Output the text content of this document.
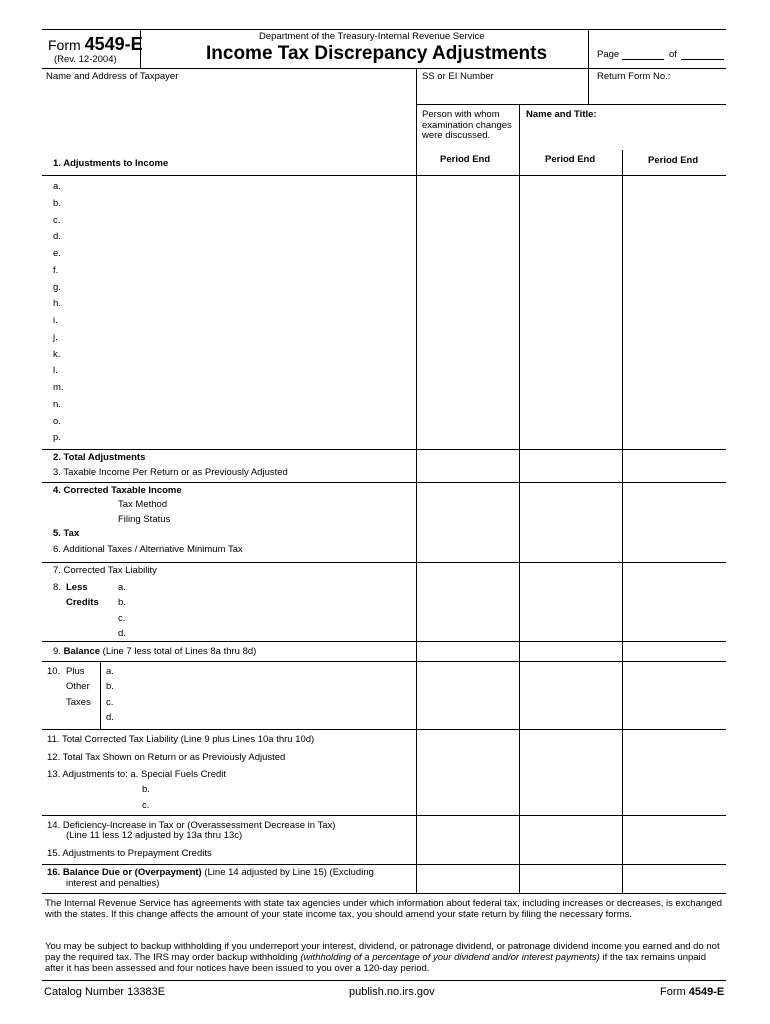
Form 4549-E
(Rev. 12-2004)
Department of the Treasury-Internal Revenue Service
Income Tax Discrepancy Adjustments	Page	of
Name and Address of Taxpayer	SS or EI Number	Return Form No.:
Person with whom examination changes were discussed.
Name and Title:
Period End	Period End	Period End
1. Adjustments to Income
a.
b.
c.
d.
e.
f.
g.
h.
i.
j.
k.
l.
m.
n.
o.
p.
2. Total Adjustments
3. Taxable Income Per Return or as Previously Adjusted
4. Corrected Taxable Income
Tax Method
Filing Status
5. Tax
6. Additional Taxes / Alternative Minimum Tax
7. Corrected Tax Liability
8. Less
Credits
a.
b.
c.
d.
9. Balance (Line 7 less total of Lines 8a thru 8d)
10. Plus
Other
Taxes
a.
b.
c.
d.
11. Total Corrected Tax Liability (Line 9 plus Lines 10a thru 10d)
12. Total Tax Shown on Return or as Previously Adjusted
13. Adjustments to: a. Special Fuels Credit
b.
c.
14. Deficiency-Increase in Tax or (Overassessment Decrease in Tax)
(Line 11 less 12 adjusted by 13a thru 13c)
15. Adjustments to Prepayment Credits
16. Balance Due or (Overpayment) (Line 14 adjusted by Line 15) (Excluding
interest and penalties)
The Internal Revenue Service has agreements with state tax agencies under which information about federal tax, including increases or decreases, is exchanged with the states. If this change affects the amount of your state income tax, you should amend your state return by filing the necessary forms.
You may be subject to backup withholding if you underreport your interest, dividend, or patronage dividend, or patronage dividend income you earned and do not pay the required tax. The IRS may order backup withholding (withholding of a percentage of your dividend and/or interest payments) if the tax remains unpaid after it has been assessed and four notices have been issued to you over a 120-day period.
Catalog Number 13383E	publish.no.irs.gov	Form 4549-E
